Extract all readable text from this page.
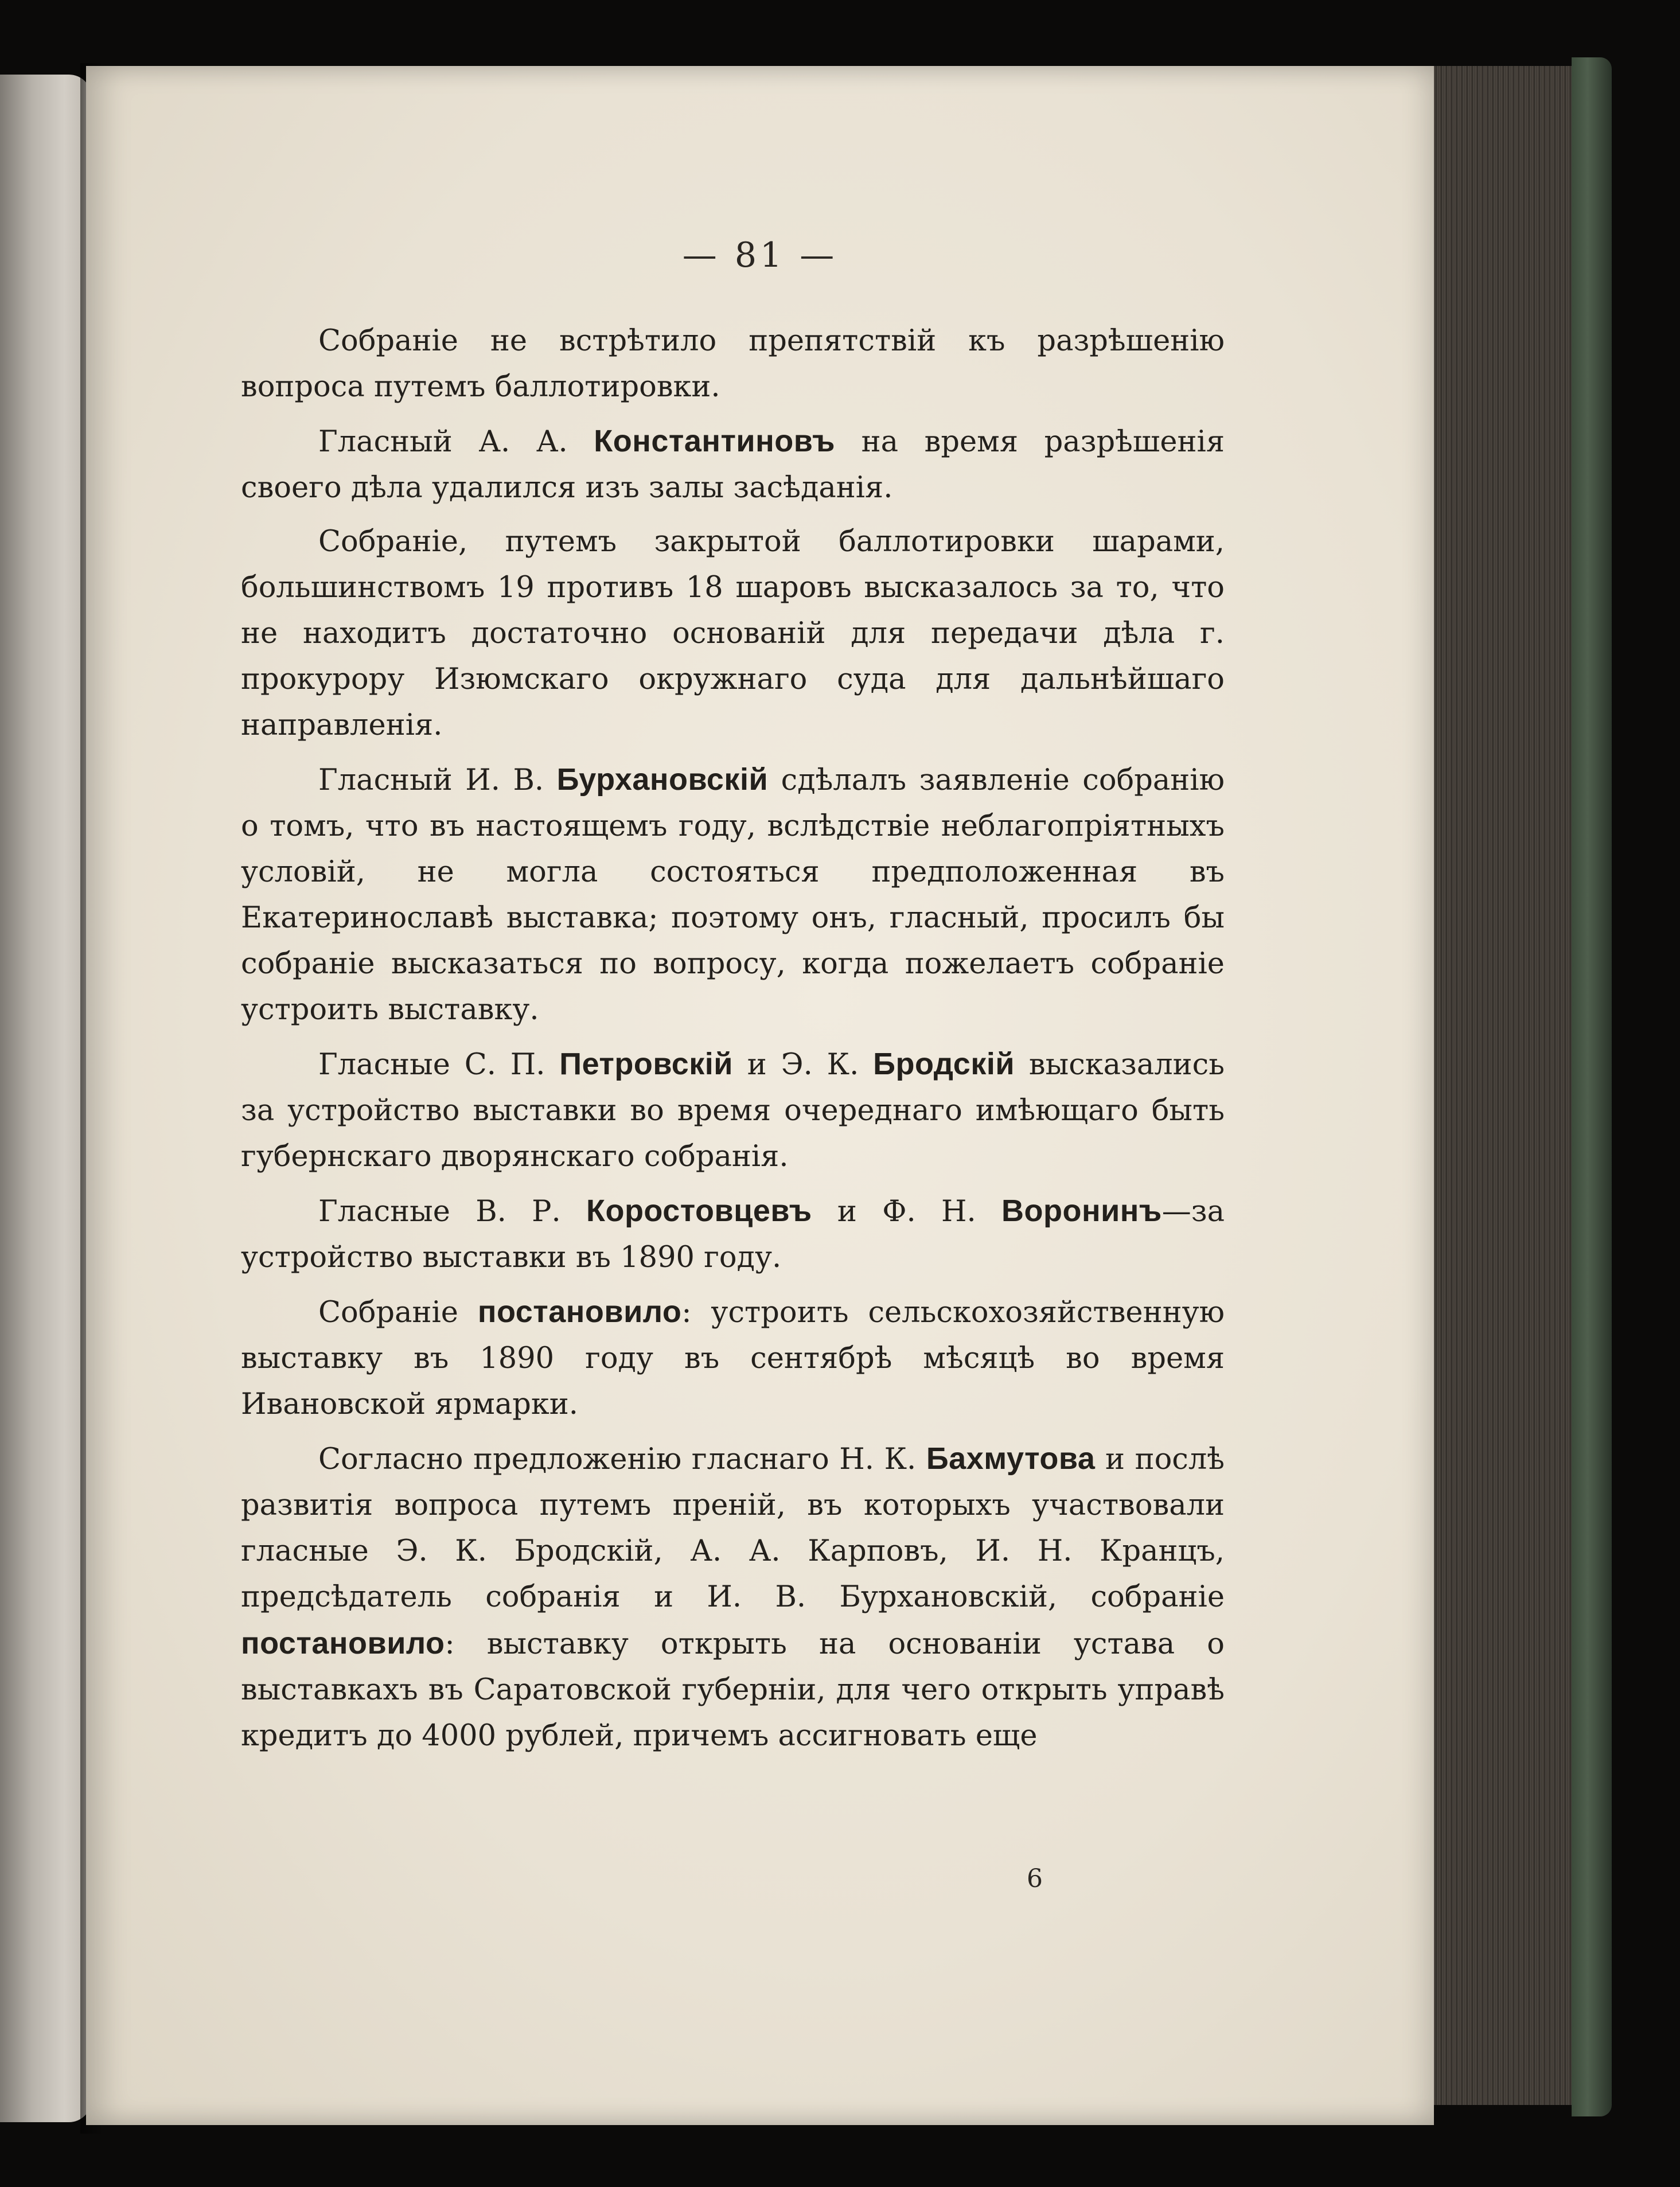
— 81 —

Собраніе не встрѣтило препятствій къ разрѣшенію вопроса путемъ баллотировки.

Гласный А. А. Константиновъ на время разрѣшенія своего дѣла удалился изъ залы засѣданія.

Собраніе, путемъ закрытой баллотировки шарами, большинствомъ 19 противъ 18 шаровъ высказалось за то, что не находитъ достаточно основаній для передачи дѣла г. прокурору Изюмскаго окружнаго суда для дальнѣйшаго направленія.

Гласный И. В. Бурхановскій сдѣлалъ заявленіе собранію о томъ, что въ настоящемъ году, вслѣдствіе неблагопріятныхъ условій, не могла состояться предположенная въ Екатеринославѣ выставка; поэтому онъ, гласный, просилъ бы собраніе высказаться по вопросу, когда пожелаетъ собраніе устроить выставку.

Гласные С. П. Петровскій и Э. К. Бродскій высказались за устройство выставки во время очереднаго имѣющаго быть губернскаго дворянскаго собранія.

Гласные В. Р. Коростовцевъ и Ф. Н. Воронинъ—за устройство выставки въ 1890 году.

Собраніе постановило: устроить сельскохозяйственную выставку въ 1890 году въ сентябрѣ мѣсяцѣ во время Ивановской ярмарки.

Согласно предложенію гласнаго Н. К. Бахмутова и послѣ развитія вопроса путемъ преній, въ которыхъ участвовали гласные Э. К. Бродскій, А. А. Карповъ, И. Н. Кранцъ, предсѣдатель собранія и И. В. Бурхановскій, собраніе постановило: выставку открыть на основаніи устава о выставкахъ въ Саратовской губерніи, для чего открыть управѣ кредитъ до 4000 рублей, причемъ ассигновать еще

6
